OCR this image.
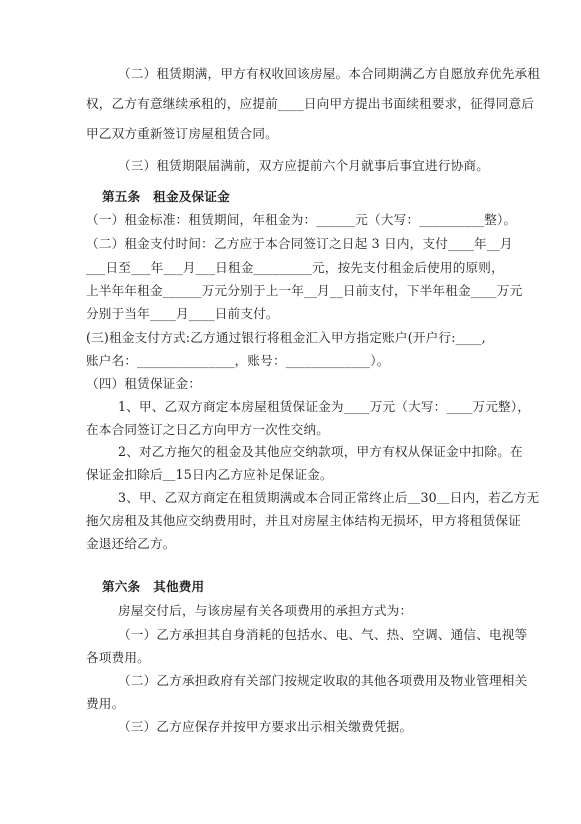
（二）租赁期满，甲方有权收回该房屋。本合同期满乙方自愿放弃优先承租
权，乙方有意继续承租的，应提前____日向甲方提出书面续租要求，征得同意后
甲乙双方重新签订房屋租赁合同。
（三）租赁期限届满前，双方应提前六个月就事后事宜进行协商。
第五条　租金及保证金
（一）租金标准：租赁期间，年租金为：______元（大写：__________整）。
（二）租金支付时间：乙方应于本合同签订之日起 3 日内，支付____年__月
___日至___年___月___日租金_________元，按先支付租金后使用的原则，
上半年年租金______万元分别于上一年__月__日前支付，下半年租金____万元
分别于当年____月____日前支付。
(三)租金支付方式:乙方通过银行将租金汇入甲方指定账户(开户行:____,
账户名：_______________，账号：_____________）。
（四）租赁保证金：
1、甲、乙双方商定本房屋租赁保证金为____万元（大写：____万元整），
在本合同签订之日乙方向甲方一次性交纳。
2、对乙方拖欠的租金及其他应交纳款项，甲方有权从保证金中扣除。在
保证金扣除后＿15日内乙方应补足保证金。
3、甲、乙双方商定在租赁期满或本合同正常终止后＿30＿日内，若乙方无
拖欠房租及其他应交纳费用时，并且对房屋主体结构无损坏，甲方将租赁保证
金退还给乙方。
第六条　其他费用
房屋交付后，与该房屋有关各项费用的承担方式为：
（一）乙方承担其自身消耗的包括水、电、气、热、空调、通信、电视等
各项费用。
（二）乙方承担政府有关部门按规定收取的其他各项费用及物业管理相关
费用。
（三）乙方应保存并按甲方要求出示相关缴费凭据。
